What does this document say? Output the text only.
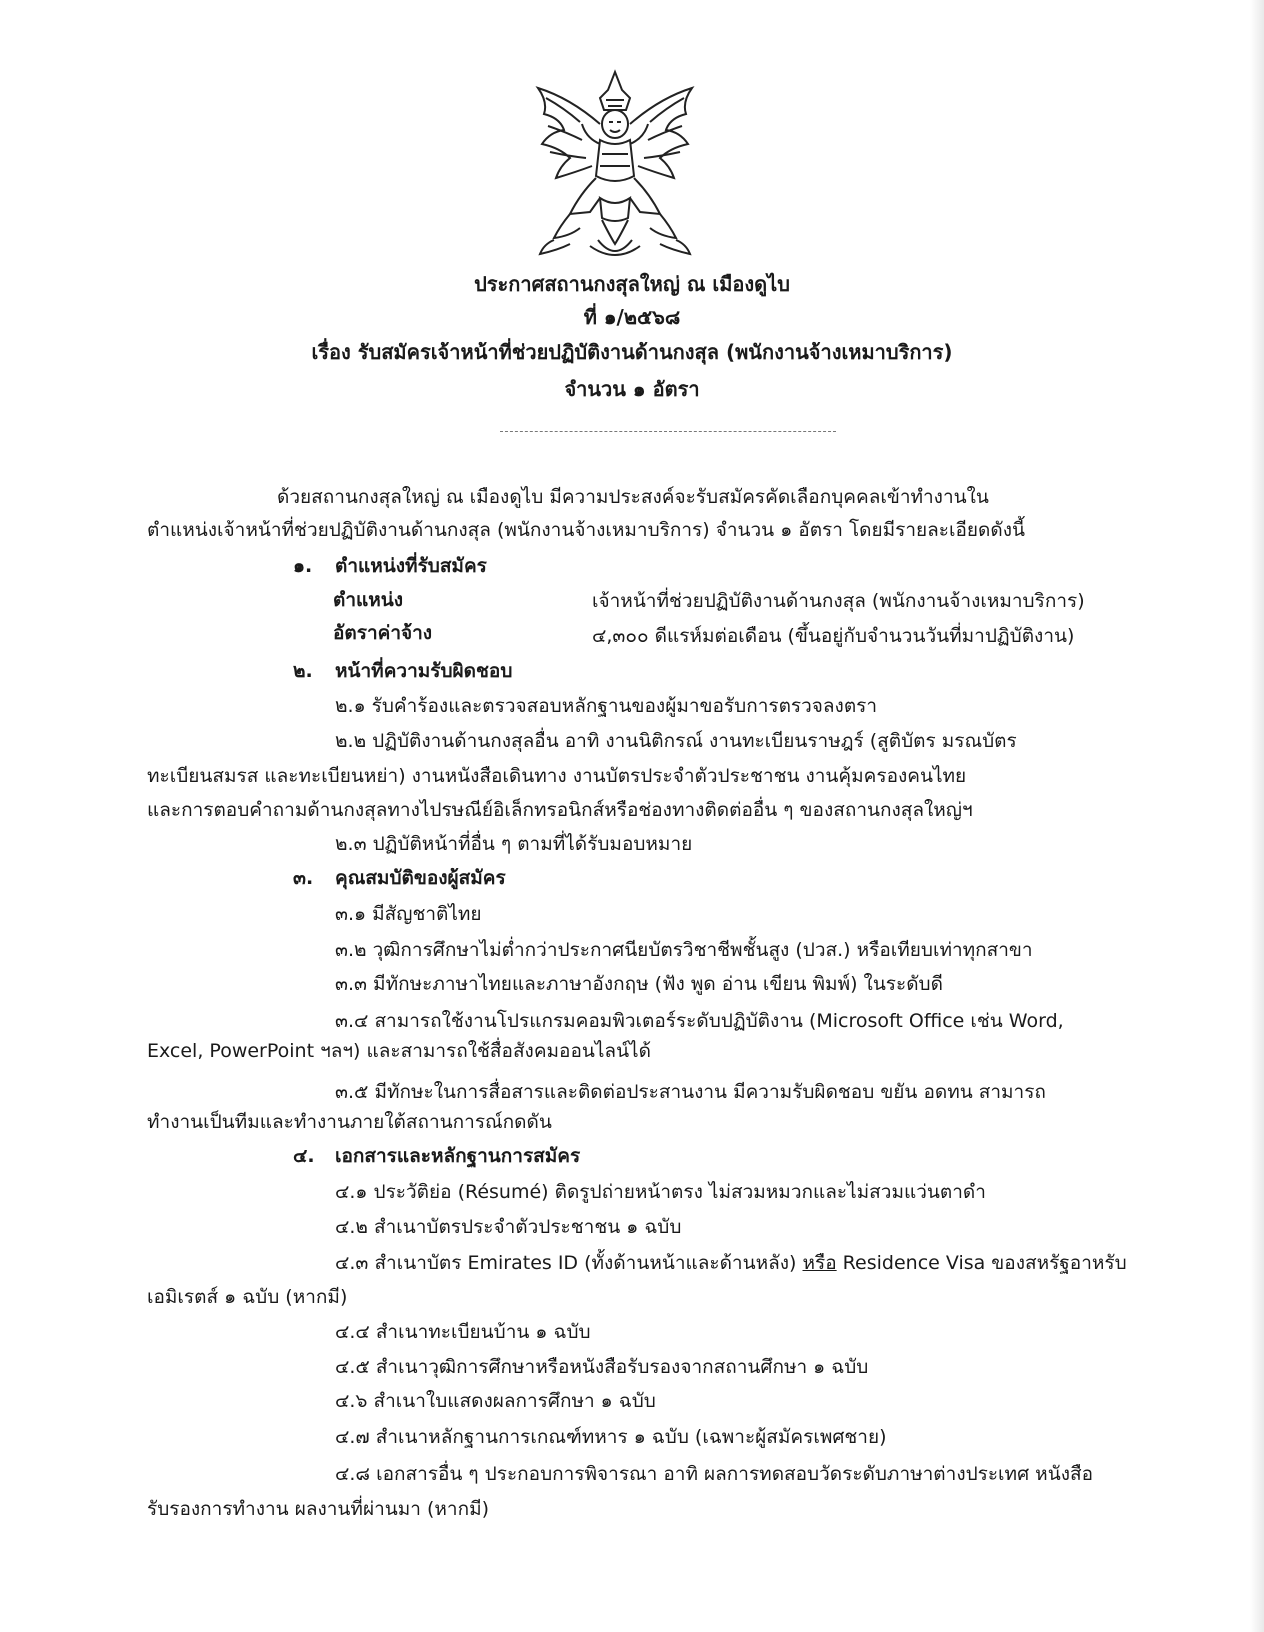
ประกาศสถานกงสุลใหญ่ ณ เมืองดูไบ
ที่ ๑/๒๕๖๘
เรื่อง รับสมัครเจ้าหน้าที่ช่วยปฏิบัติงานด้านกงสุล (พนักงานจ้างเหมาบริการ)
จำนวน ๑ อัตรา
ด้วยสถานกงสุลใหญ่ ณ เมืองดูไบ มีความประสงค์จะรับสมัครคัดเลือกบุคคลเข้าทำงานใน
ตำแหน่งเจ้าหน้าที่ช่วยปฏิบัติงานด้านกงสุล (พนักงานจ้างเหมาบริการ) จำนวน ๑ อัตรา โดยมีรายละเอียดดังนี้
๑. ตำแหน่งที่รับสมัคร
ตำแหน่ง	เจ้าหน้าที่ช่วยปฏิบัติงานด้านกงสุล (พนักงานจ้างเหมาบริการ)
อัตราค่าจ้าง	๔,๓๐๐ ดีแรห์มต่อเดือน (ขึ้นอยู่กับจำนวนวันที่มาปฏิบัติงาน)
๒. หน้าที่ความรับผิดชอบ
๒.๑ รับคำร้องและตรวจสอบหลักฐานของผู้มาขอรับการตรวจลงตรา
๒.๒ ปฏิบัติงานด้านกงสุลอื่น อาทิ งานนิติกรณ์ งานทะเบียนราษฎร์ (สูติบัตร มรณบัตร
ทะเบียนสมรส และทะเบียนหย่า) งานหนังสือเดินทาง งานบัตรประจำตัวประชาชน งานคุ้มครองคนไทย
และการตอบคำถามด้านกงสุลทางไปรษณีย์อิเล็กทรอนิกส์หรือช่องทางติดต่ออื่น ๆ ของสถานกงสุลใหญ่ฯ
๒.๓ ปฏิบัติหน้าที่อื่น ๆ ตามที่ได้รับมอบหมาย
๓. คุณสมบัติของผู้สมัคร
๓.๑ มีสัญชาติไทย
๓.๒ วุฒิการศึกษาไม่ต่ำกว่าประกาศนียบัตรวิชาชีพชั้นสูง (ปวส.) หรือเทียบเท่าทุกสาขา
๓.๓ มีทักษะภาษาไทยและภาษาอังกฤษ (ฟัง พูด อ่าน เขียน พิมพ์) ในระดับดี
๓.๔ สามารถใช้งานโปรแกรมคอมพิวเตอร์ระดับปฏิบัติงาน (Microsoft Office เช่น Word,
Excel, PowerPoint ฯลฯ) และสามารถใช้สื่อสังคมออนไลน์ได้
๓.๕ มีทักษะในการสื่อสารและติดต่อประสานงาน มีความรับผิดชอบ ขยัน อดทน สามารถ
ทำงานเป็นทีมและทำงานภายใต้สถานการณ์กดดัน
๔. เอกสารและหลักฐานการสมัคร
๔.๑ ประวัติย่อ (Résumé) ติดรูปถ่ายหน้าตรง ไม่สวมหมวกและไม่สวมแว่นตาดำ
๔.๒ สำเนาบัตรประจำตัวประชาชน ๑ ฉบับ
๔.๓ สำเนาบัตร Emirates ID (ทั้งด้านหน้าและด้านหลัง) หรือ Residence Visa ของสหรัฐอาหรับ
เอมิเรตส์ ๑ ฉบับ (หากมี)
๔.๔ สำเนาทะเบียนบ้าน ๑ ฉบับ
๔.๕ สำเนาวุฒิการศึกษาหรือหนังสือรับรองจากสถานศึกษา ๑ ฉบับ
๔.๖ สำเนาใบแสดงผลการศึกษา ๑ ฉบับ
๔.๗ สำเนาหลักฐานการเกณฑ์ทหาร ๑ ฉบับ (เฉพาะผู้สมัครเพศชาย)
๔.๘ เอกสารอื่น ๆ ประกอบการพิจารณา อาทิ ผลการทดสอบวัดระดับภาษาต่างประเทศ หนังสือ
รับรองการทำงาน ผลงานที่ผ่านมา (หากมี)
